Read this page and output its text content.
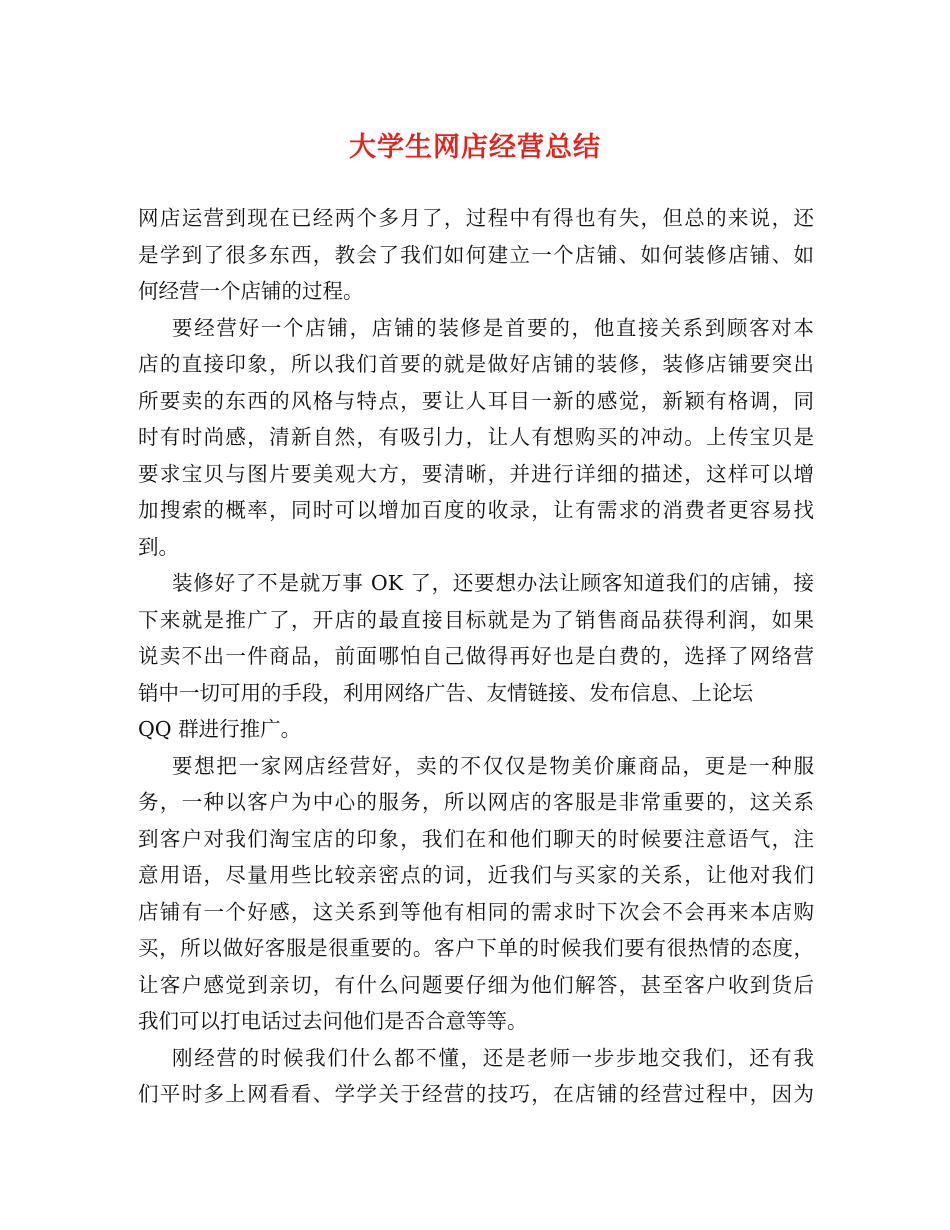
大学生网店经营总结
网店运营到现在已经两个多月了，过程中有得也有失，但总的来说，还
是学到了很多东西，教会了我们如何建立一个店铺、如何装修店铺、如
何经营一个店铺的过程。
要经营好一个店铺，店铺的装修是首要的，他直接关系到顾客对本
店的直接印象，所以我们首要的就是做好店铺的装修，装修店铺要突出
所要卖的东西的风格与特点，要让人耳目一新的感觉，新颖有格调，同
时有时尚感，清新自然，有吸引力，让人有想购买的冲动。上传宝贝是
要求宝贝与图片要美观大方，要清晰，并进行详细的描述，这样可以增
加搜索的概率，同时可以增加百度的收录，让有需求的消费者更容易找
到。
装修好了不是就万事 OK 了，还要想办法让顾客知道我们的店铺，接
下来就是推广了，开店的最直接目标就是为了销售商品获得利润，如果
说卖不出一件商品，前面哪怕自己做得再好也是白费的，选择了网络营
销中一切可用的手段，利用网络广告、友情链接、发布信息、上论坛
QQ 群进行推广。
要想把一家网店经营好，卖的不仅仅是物美价廉商品，更是一种服
务，一种以客户为中心的服务，所以网店的客服是非常重要的，这关系
到客户对我们淘宝店的印象，我们在和他们聊天的时候要注意语气，注
意用语，尽量用些比较亲密点的词，近我们与买家的关系，让他对我们
店铺有一个好感，这关系到等他有相同的需求时下次会不会再来本店购
买，所以做好客服是很重要的。客户下单的时候我们要有很热情的态度，
让客户感觉到亲切，有什么问题要仔细为他们解答，甚至客户收到货后
我们可以打电话过去问他们是否合意等等。
刚经营的时候我们什么都不懂，还是老师一步步地交我们，还有我
们平时多上网看看、学学关于经营的技巧，在店铺的经营过程中，因为
